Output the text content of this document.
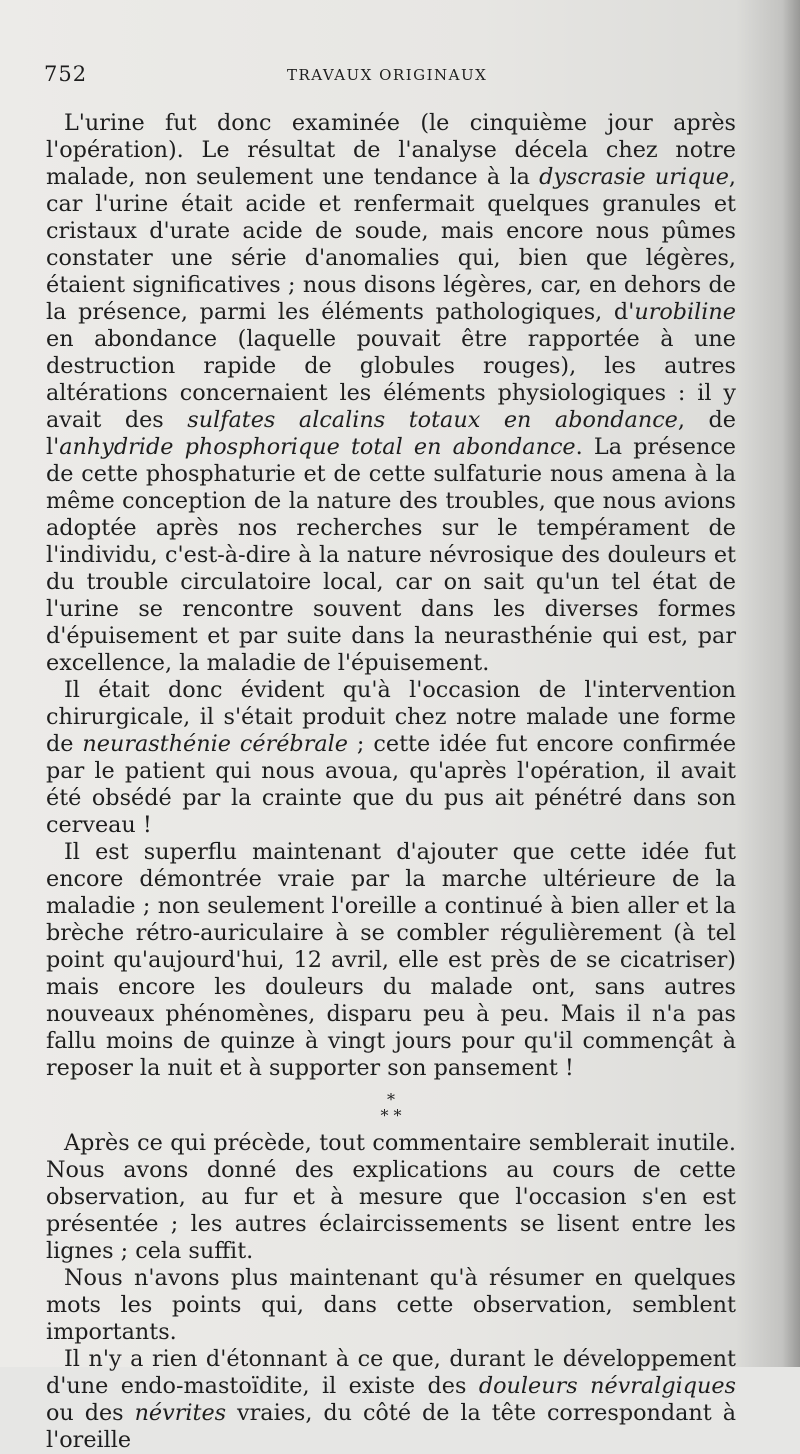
752	TRAVAUX ORIGINAUX

L'urine fut donc examinée (le cinquième jour après l'opération). Le résultat de l'analyse décela chez notre malade, non seulement une tendance à la dyscrasie urique, car l'urine était acide et renfermait quelques granules et cristaux d'urate acide de soude, mais encore nous pûmes constater une série d'anomalies qui, bien que légères, étaient significatives ; nous disons légères, car, en dehors de la présence, parmi les éléments pathologiques, d'urobiline en abondance (laquelle pouvait être rapportée à une destruction rapide de globules rouges), les autres altérations concernaient les éléments physiologiques : il y avait des sulfates alcalins totaux en abondance, de l'anhydride phosphorique total en abondance. La présence de cette phosphaturie et de cette sulfaturie nous amena à la même conception de la nature des troubles, que nous avions adoptée après nos recherches sur le tempérament de l'individu, c'est-à-dire à la nature névrosique des douleurs et du trouble circulatoire local, car on sait qu'un tel état de l'urine se rencontre souvent dans les diverses formes d'épuisement et par suite dans la neurasthénie qui est, par excellence, la maladie de l'épuisement.

Il était donc évident qu'à l'occasion de l'intervention chirurgicale, il s'était produit chez notre malade une forme de neurasthénie cérébrale ; cette idée fut encore confirmée par le patient qui nous avoua, qu'après l'opération, il avait été obsédé par la crainte que du pus ait pénétré dans son cerveau !

Il est superflu maintenant d'ajouter que cette idée fut encore démontrée vraie par la marche ultérieure de la maladie ; non seulement l'oreille a continué à bien aller et la brèche rétro-auriculaire à se combler régulièrement (à tel point qu'aujourd'hui, 12 avril, elle est près de se cicatriser) mais encore les douleurs du malade ont, sans autres nouveaux phénomènes, disparu peu à peu. Mais il n'a pas fallu moins de quinze à vingt jours pour qu'il commençât à reposer la nuit et à supporter son pansement !

*
* *

Après ce qui précède, tout commentaire semblerait inutile. Nous avons donné des explications au cours de cette observation, au fur et à mesure que l'occasion s'en est présentée ; les autres éclaircissements se lisent entre les lignes ; cela suffit.

Nous n'avons plus maintenant qu'à résumer en quelques mots les points qui, dans cette observation, semblent importants.

Il n'y a rien d'étonnant à ce que, durant le développement d'une endo-mastoïdite, il existe des douleurs névralgiques ou des névrites vraies, du côté de la tête correspondant à l'oreille
